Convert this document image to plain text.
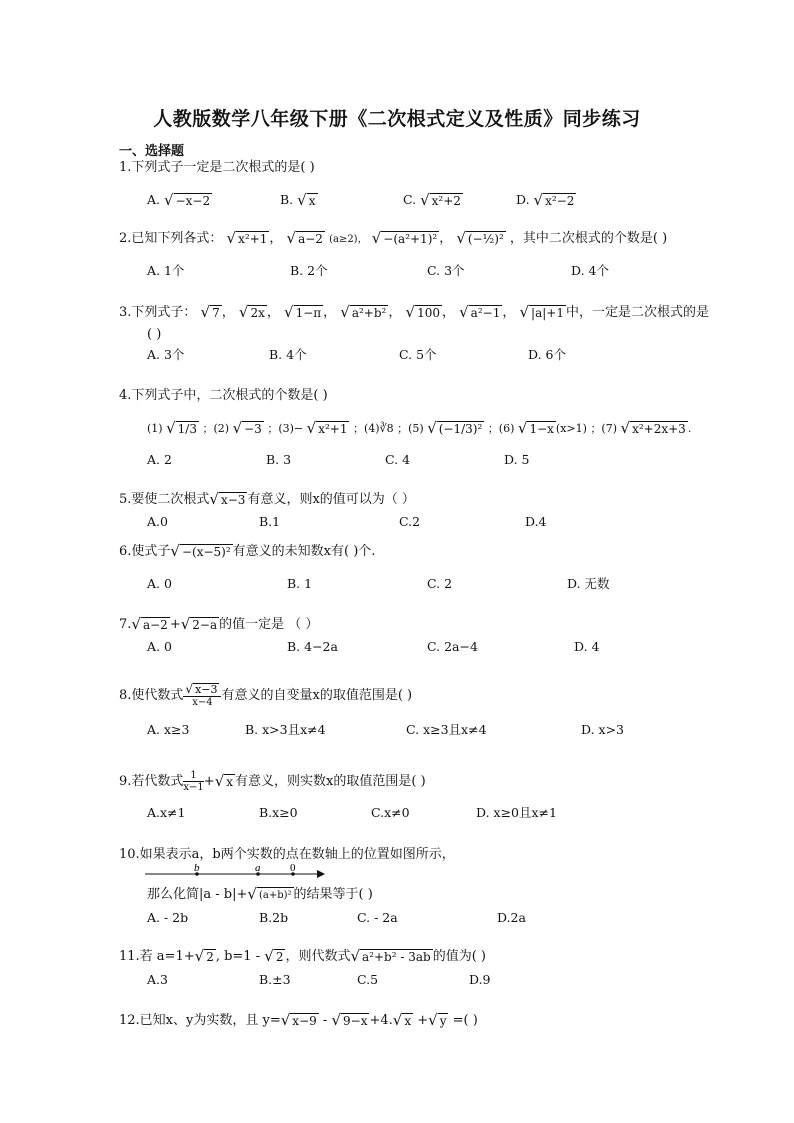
人教版数学八年级下册《二次根式定义及性质》同步练习
一、选择题
1.下列式子一定是二次根式的是( )
A. √ −x−2	B. √ x	C. √ x²+2	D. √ x²−2
2.已知下列各式： √ x²+1 ， √ a−2 (a≥2)， √ −(a²+1)² ， √ (−½)² ，其中二次根式的个数是( )
A. 1个	B. 2个	C. 3个	D. 4个
3.下列式子： √ 7 ， √ 2x ， √ 1−π ， √ a²+b² ， √ 100 ， √ a²−1 ， √ |a|+1 中，一定是二次根式的是
( )
A. 3个	B. 4个	C. 5个	D. 6个
4.下列式子中，二次根式的个数是( )
(1) √ 1/3 ；(2) √ −3 ；(3)− √ x²+1 ；(4)∛8 ；(5) √ (−1/3)² ；(6) √ 1−x (x>1) ；(7) √ x²+2x+3 .
A. 2	B. 3	C. 4	D. 5
5.要使二次根式 √ x−3 有意义，则x的值可以为（ ）
A.0	B.1	C.2	D.4
6.使式子 √ −(x−5)² 有意义的未知数x有( )个.
A. 0	B. 1	C. 2	D. 无数
7. √ a−2 + √ 2−a 的值一定是 （ ）
A. 0	B. 4−2a	C. 2a−4	D. 4
8.使代数式 $\frac{√ x-3}{x-4}$ 有意义的自变量x的取值范围是( )
A. x≥3	B. x>3且x≠4	C. x≥3且x≠4	D. x>3
9.若代数式 $\frac{1}{x-1}$ + √ x 有意义，则实数x的取值范围是( )
A.x≠1	B.x≥0	C.x≠0	D. x≥0且x≠1
10.如果表示a，b两个实数的点在数轴上的位置如图所示，
b	a	0
那么化简|a - b|+ √ (a+b)² 的结果等于( )
A. - 2b	B.2b	C. - 2a	D.2a
11.若 a=1+ √ 2 , b=1 - √ 2 ，则代数式 √ a²+b² - 3ab 的值为( )
A.3	B.±3	C.5	D.9
12.已知x、y为实数，且 y= √ x−9 - √ 9−x +4. √ x + √ y =( )
